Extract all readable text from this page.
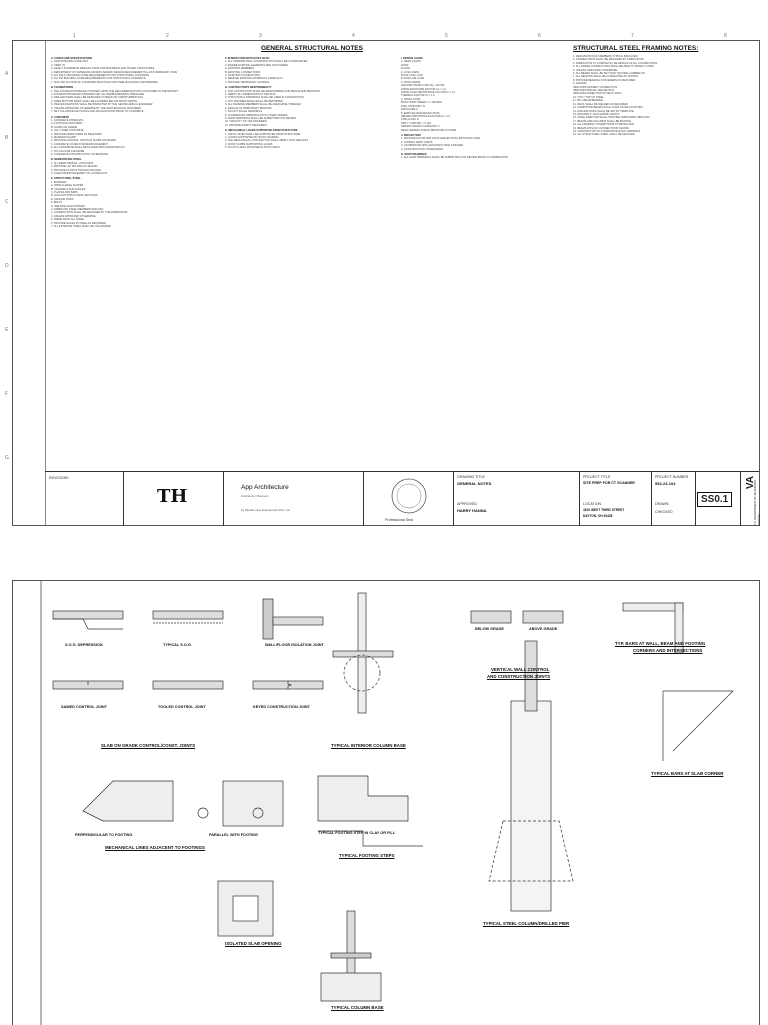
1	2	3	4	5	6	7	8
A
B
C
D
E
F
G
GENERAL STRUCTURAL NOTES	STRUCTURAL STEEL FRAMING NOTES:
A. CODES AND SPECIFICATIONS
1. OHIO BUILDING CODE 2017
2. OPEN (?)
3. ASCE 7-16 MINIMUM DESIGN LOADS FOR BUILDINGS AND OTHER STRUCTURES
4. DEPARTMENT OF VETERANS AFFAIRS SEISMIC DESIGN REQUIREMENTS H-18-8 (FEBRUARY 2016)
5. ACI 318-14 BUILDING CODE REQUIREMENTS FOR STRUCTURAL CONCRETE
6. ACI 318 BUILDING CODE REQUIREMENTS FOR STRUCTURAL CONCRETE
7. AISC 360-16 CODE OF STANDARD PRACTICE FOR STEEL BUILDINGS AND BRIDGES
B. FOUNDATIONS
1. THE FOUNDATION DESIGN IS BASED UPON THE RECOMMENDATIONS CONTAINED IN THE REPORT
2. FOUNDATION DESIGN ASSUMES NET ALLOWABLE BEARING PRESSURE
3. DRILLED PIERS SHALL BE DESIGNED TO BEAR ON UNDISTURBED SOIL
4. OPEN BOTTOM PIERS SHALL BE FOUNDED BELOW FROST DEPTH
5. PIER EXCAVATIONS SHALL BE INSPECTED BY THE GEOTECHNICAL ENGINEER
6. UNLESS APPROVED OTHERWISE BY THE GEOTECHNICAL ENGINEER
7. SET COLUMN BASE PLATES AND ANCHOR RODS PRIOR TO CONCRETE
C. CONCRETE
1. CONCRETE STRENGTH
A. FOOTINGS AND PIERS
B. SLABS ON GRADE
C. ALL OTHER CONCRETE
2. PROVIDE ADMIXTURES AS REQUIRED
3. MAXIMUM SLUMP
4. PROVIDE CONTROL JOINTS IN SLABS ON GRADE
5. CONCRETE COVER FOR REINFORCEMENT
6. ALL CONCRETE SHALL BE PLACED AND CURED PER ACI
7. NO CALCIUM CHLORIDE
8. CONCRETE CONSTRUCTION TOLERANCES
D. REINFORCING STEEL
1. ALL REINFORCING - ASTM A615
2. PROVIDE LAP SPLICES AS SHOWN
3. PROVIDE CLASS B TENSION SPLICES
4. CLEAN REINFORCEMENT OF LOOSE RUST
E. STRUCTURAL STEEL
1. MATERIAL:
A. WIDE FLANGE SHAPES
B. CHANNELS AND ANGLES
C. PLATES AND BARS
D. HOLLOW STRUCTURAL SECTIONS
E. ANCHOR RODS
F. BOLTS
G. WELDING ELECTRODES
2. FABRICATE STEEL MEMBERS PER AISC
3. CONNECTIONS SHALL BE DESIGNED BY THE FABRICATOR
4. UNLESS APPROVED OTHERWISE
5. PRIME PAINT ALL STEEL
6. PROVIDE HOLES IN STEEL AS REQUIRED
7. ALL EXTERIOR STEEL SHALL BE GALVANIZED
F. INTERACTION WITH EXIST. BLDG
1. ALL INTERIOR WALL CONSTRUCTION SHALL BE COORDINATED
2. WHERE EXISTING ELEMENTS ARE UNCOVERED
A. EXISTING MEMBERS
B. EXISTING CONNECTIONS
C. EXISTING FOUNDATIONS
3. REMOVE EXISTING MATERIALS CAREFULLY
4. PROVIDE TEMPORARY SHORING
G. CONTRACTOR'S RESPONSIBILITY
1. THE CONTRACTOR SHALL BE RESPONSIBLE FOR MEANS AND METHODS
2. VERIFY ALL DIMENSIONS AT THE SITE
3. STRUCTURAL DRAWINGS SHALL BE USED IN CONJUNCTION
4. ANY DISCREPANCIES SHALL BE REPORTED
5. ALL FRAMING MEMBERS SHALL BE ADEQUATELY BRACED
6. DESIGN OF TEMPORARY BRACING
7. DO NOT SCALE DRAWINGS
8. COORDINATE OPENINGS WITH OTHER TRADES
9. SHOP DRAWINGS SHALL BE SUBMITTED FOR REVIEW
10. THE DUTY OF THE ENGINEER
11. PROVIDE SAFETY MEASURES
H. MECHANICAL LOADS SUPPORTED FROM STRUCTURE
1. UNITS LISTED SHALL BE SUPPORTED FROM STRUCTURE
2. LOADS SUPPORTED BY ROOF FRAMING
3. THE MECHANICAL CONTRACTOR SHALL VERIFY UNIT WEIGHTS
4. ROOF CURBS SUPPORTING LOADS
5. DO NOT HANG FROM METAL ROOF DECK
I. DESIGN LOADS
1. DEAD LOADS
ROOF
FLOOR
2. LIVE LOADS
ROOF LIVE LOAD
FLOOR LIVE LOAD
3. ROOF SNOW
GROUND SNOW LOAD Pg = 20 PSF
SNOW EXPOSURE FACTOR Ce = 1.0
SNOW LOAD IMPORTANCE FACTOR Is = 1.2
THERMAL FACTOR Ct = 1.0
4. WIND LOADS
BASIC WIND SPEED V = 115 MPH
RISK CATEGORY IV
EXPOSURE C
5. EARTHQUAKE DESIGN DATA
SEISMIC IMPORTANCE FACTOR Ie = 1.5
SITE CLASS D
SDS = 0.208 SD1 = 0.130
SEISMIC DESIGN CATEGORY C
BASIC SEISMIC FORCE RESISTING SYSTEM
J. DEFLECTION
1. PROVIDE FLOOR AND ROOF DEFLECTION LIMITS PER CODE
2. LATERAL DRIFT LIMITS
3. COORDINATE WITH ARCHITECTURAL FINISHES
4. CONSTRUCTION TOLERANCES
K. SHOP DRAWINGS
1. ALL SHOP DRAWINGS SHALL BE SUBMITTED FOR REVIEW PRIOR TO FABRICATION
1. DESIGNATION OF MEMBERS TYPICAL INDICATED
2. CONNECTIONS SHALL BE DESIGNED BY FABRICATOR
3. FABRICATOR TO COMPLETE THE DESIGN OF ALL CONNECTIONS
4. ALL FRAME CONNECTIONS SHALL BE ABLE TO RESIST LOADS
5. UNLESS INDICATED OTHERWISE
6. ALL BEAMS SHALL BE SET WITH NATURAL CAMBER UP
7. ALL DECKING SHALL BE CONNECTED AS SHOWN
8. PROVIDE BEARING STIFFENERS AS REQUIRED
9. LEGEND
INDICATES MOMENT CONNECTION
INDICATES BRACE, SEE DETAILS
INDICATES DIRECTION OF DECK SPAN
10. TOS = TOP OF STEEL
11. BS = BEAM BEARING
12. DECK SHALL BE WELDED AS REQUIRED
13. COMPOSITE BEAMS SHALL HAVE STUDS AS NOTED
14. ANCHOR RODS SHALL BE SET BY TEMPLATE
15. PROVIDE 1" NON-SHRINK GROUT
16. STEEL ERECTOR SHALL PROVIDE TEMPORARY BRACING
17. BEAMS AND COLUMNS SHALL BE PAINTED
18. ALL FRAMING CONNECTIONS TO BE BOLTED
19. BEAMS WITH NO CONNECTIONS SHOWN
20. CONTRACTOR TO COORDINATE ROOF OPENINGS
21. ALL STRUCTURAL STEEL SHALL BE DETAILED
REVISIONS
TH	App Architecture
Architects | Planners
by Mueller Hoy Engineered Ohio, Inc.
Professional Seal
DRAWING TITLE
GENERAL NOTES
APPROVED
HARRY HANNA
PROJECT TITLE
SITE PREP FOR CT SCANNER
LOCATION
4100 WEST THIRD STREET
DAYTON, OH 45428
PROJECT NUMBER
552-23-104
DRAWN
CHECKED
SS0.1
VA
U.S. DEPARTMENT OF VETERANS AFFAIRS
S.O.G. DEPRESSION	TYPICAL S.O.G.	WALL/FLOOR ISOLATION JOINT
SAWED CONTROL JOINT	TOOLED CONTROL JOINT	KEYED CONSTRUCTION JOINT
SLAB ON GRADE CONTROL/CONST. JOINTS	TYPICAL INTERIOR COLUMN BASE
PERPENDICULAR TO FOOTING	PARALLEL WITH FOOTING
MECHANICAL LINES ADJACENT TO FOOTINGS
TYPICAL FOOTING STEP IN CLAY OR FILL
TYPICAL FOOTING STEPS
BELOW GRADE	ABOVE GRADE
VERTICAL WALL CONTROL
AND CONSTRUCTION JOINTS
TYP. BARS AT WALL, BEAM AND FOOTING
CORNERS AND INTERSECTIONS
TYPICAL BARS AT SLAB CORNER
TYPICAL STEEL COLUMN/DRILLED PIER
ISOLATED SLAB OPENING
TYPICAL COLUMN BASE
